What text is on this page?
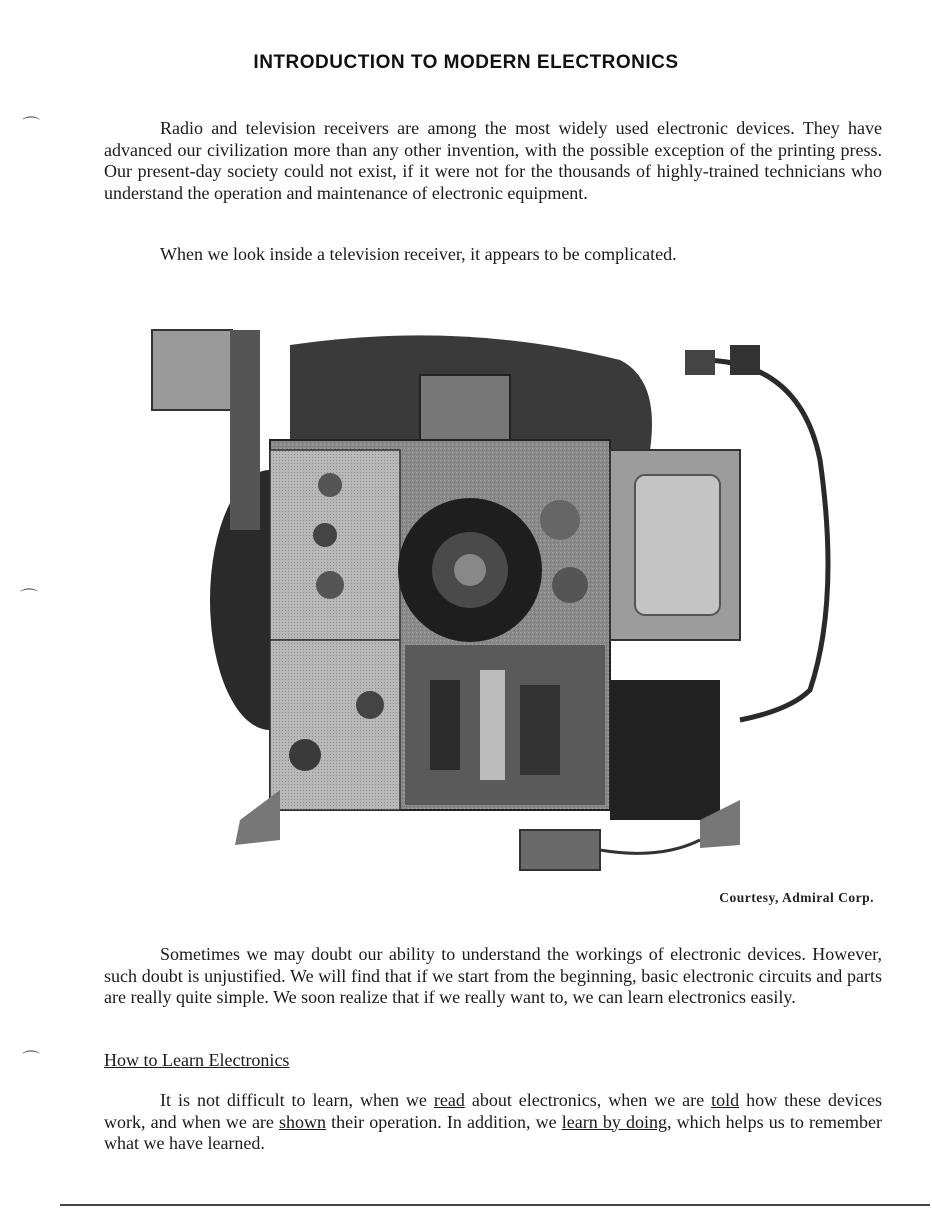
INTRODUCTION TO MODERN ELECTRONICS

Radio and television receivers are among the most widely used electronic devices. They have advanced our civilization more than any other invention, with the possible exception of the printing press. Our present-day society could not exist, if it were not for the thousands of highly-trained technicians who understand the operation and maintenance of electronic equipment.

When we look inside a television receiver, it appears to be complicated.

Courtesy, Admiral Corp.

Sometimes we may doubt our ability to understand the workings of electronic devices. However, such doubt is unjustified. We will find that if we start from the beginning, basic electronic circuits and parts are really quite simple. We soon realize that if we really want to, we can learn electronics easily.

How to Learn Electronics

It is not difficult to learn, when we read about electronics, when we are told how these devices work, and when we are shown their operation. In addition, we learn by doing, which helps us to remember what we have learned.

⌒
⌒
⌒
